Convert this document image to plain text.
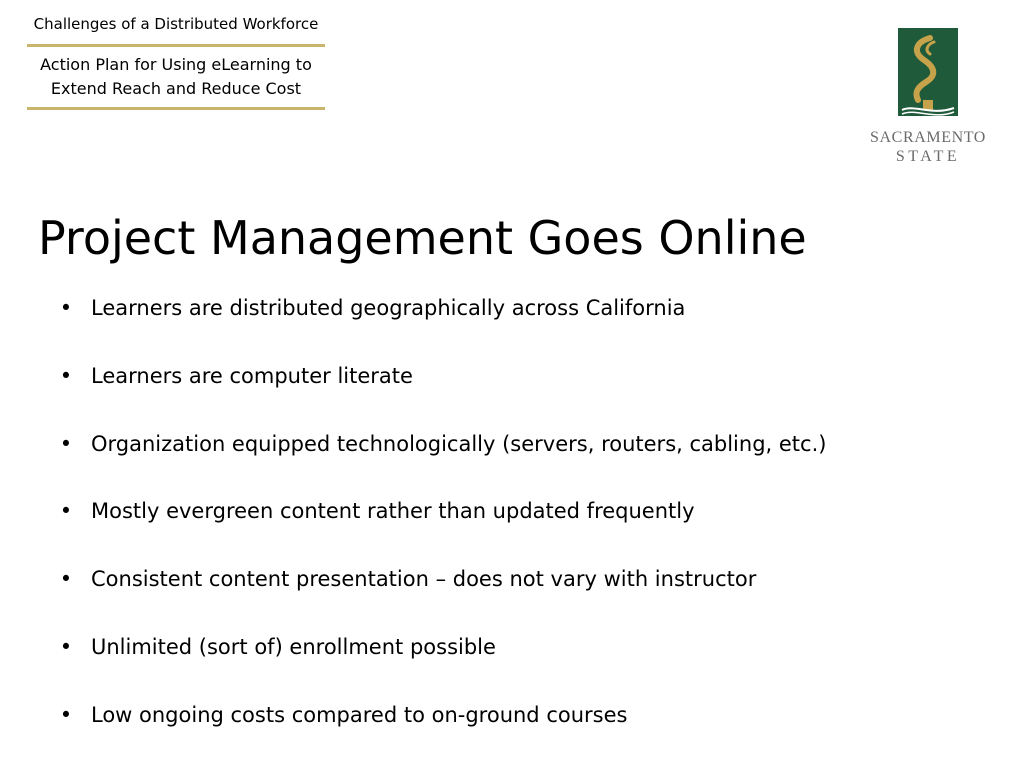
Challenges of a Distributed Workforce

Action Plan for Using eLearning to
Extend Reach and Reduce Cost

SACRAMENTO
STATE
Project Management Goes Online
• Learners are distributed geographically across California
• Learners are computer literate
• Organization equipped technologically (servers, routers, cabling, etc.)
• Mostly evergreen content rather than updated frequently
• Consistent content presentation – does not vary with instructor
• Unlimited (sort of) enrollment possible
• Low ongoing costs compared to on-ground courses
